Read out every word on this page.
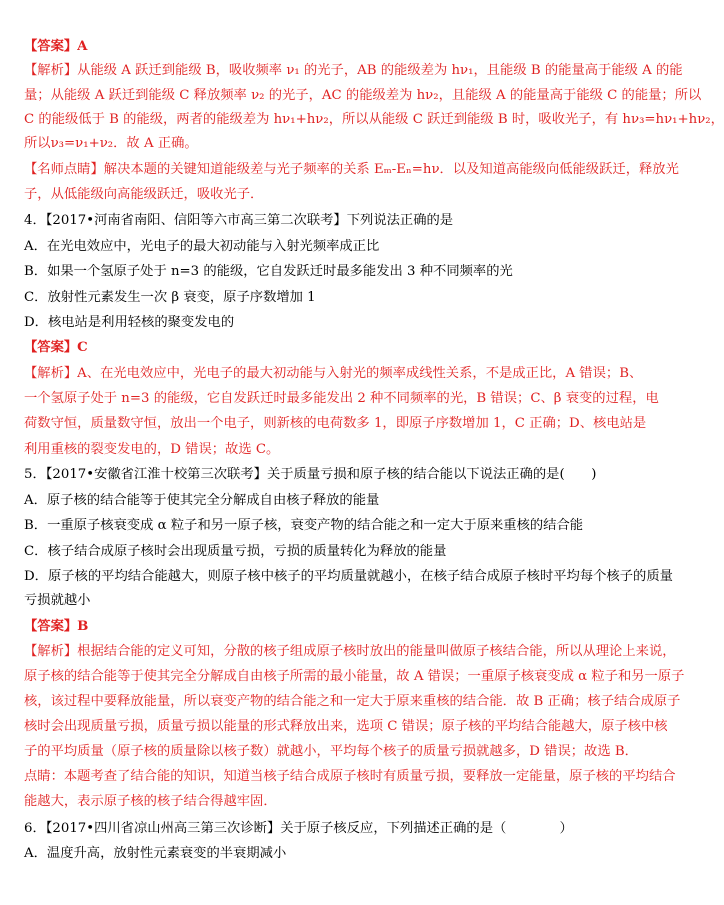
【答案】A
【解析】从能级 A 跃迁到能级 B，吸收频率 ν₁ 的光子，AB 的能级差为 hν₁，且能级 B 的能量高于能级 A 的能
量；从能级 A 跃迁到能级 C 释放频率 ν₂ 的光子，AC 的能级差为 hν₂，且能级 A 的能量高于能级 C 的能量；所以
C 的能级低于 B 的能级，两者的能级差为 hν₁+hν₂，所以从能级 C 跃迁到能级 B 时，吸收光子，有 hν₃=hν₁+hν₂，
所以ν₃=ν₁+ν₂．故 A 正确。
【名师点睛】解决本题的关键知道能级差与光子频率的关系 Eₘ-Eₙ=hν．以及知道高能级向低能级跃迁，释放光
子，从低能级向高能级跃迁，吸收光子．
4．【2017•河南省南阳、信阳等六市高三第二次联考】下列说法正确的是
A．在光电效应中，光电子的最大初动能与入射光频率成正比
B．如果一个氢原子处于 n=3 的能级，它自发跃迁时最多能发出 3 种不同频率的光
C．放射性元素发生一次 β 衰变，原子序数增加 1
D．核电站是利用轻核的聚变发电的
【答案】C
【解析】A、在光电效应中，光电子的最大初动能与入射光的频率成线性关系，不是成正比，A 错误；B、
一个氢原子处于 n=3 的能级，它自发跃迁时最多能发出 2 种不同频率的光，B 错误；C、β 衰变的过程，电
荷数守恒，质量数守恒，放出一个电子，则新核的电荷数多 1，即原子序数增加 1，C 正确；D、核电站是
利用重核的裂变发电的，D 错误；故选 C。
5．【2017•安徽省江淮十校第三次联考】关于质量亏损和原子核的结合能以下说法正确的是(　　)
A．原子核的结合能等于使其完全分解成自由核子释放的能量
B．一重原子核衰变成 α 粒子和另一原子核，衰变产物的结合能之和一定大于原来重核的结合能
C．核子结合成原子核时会出现质量亏损，亏损的质量转化为释放的能量
D．原子核的平均结合能越大，则原子核中核子的平均质量就越小，在核子结合成原子核时平均每个核子的质量
亏损就越小
【答案】B
【解析】根据结合能的定义可知，分散的核子组成原子核时放出的能量叫做原子核结合能，所以从理论上来说，
原子核的结合能等于使其完全分解成自由核子所需的最小能量，故 A 错误；一重原子核衰变成 α 粒子和另一原子
核，该过程中要释放能量，所以衰变产物的结合能之和一定大于原来重核的结合能．故 B 正确；核子结合成原子
核时会出现质量亏损，质量亏损以能量的形式释放出来，选项 C 错误；原子核的平均结合能越大，原子核中核
子的平均质量（原子核的质量除以核子数）就越小，平均每个核子的质量亏损就越多，D 错误；故选 B．
点睛：本题考查了结合能的知识，知道当核子结合成原子核时有质量亏损，要释放一定能量，原子核的平均结合
能越大，表示原子核的核子结合得越牢固．
6．【2017•四川省凉山州高三第三次诊断】关于原子核反应，下列描述正确的是（　　　　）
A．温度升高，放射性元素衰变的半衰期减小
